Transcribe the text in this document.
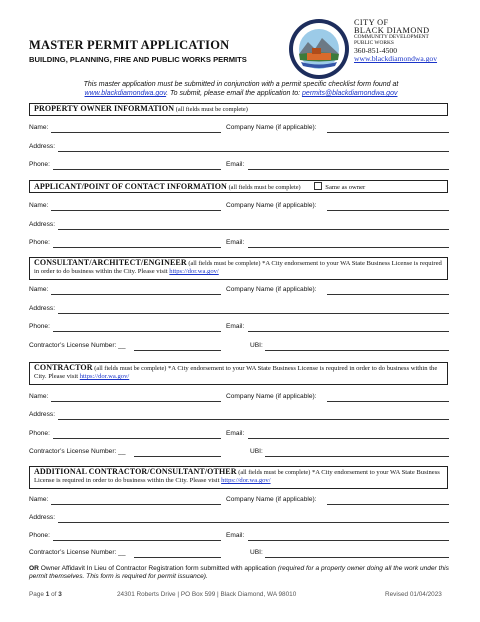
MASTER PERMIT APPLICATION
BUILDING, PLANNING, FIRE AND PUBLIC WORKS PERMITS
CITY OF
BLACK DIAMOND
COMMUNITY DEVELOPMENT
PUBLIC WORKS
360-851-4500
www.blackdiamondwa.gov
This master application must be submitted in conjunction with a permit specific checklist form found at
www.blackdiamondwa.gov. To submit, please email the application to: permits@blackdiamondwa.gov
PROPERTY OWNER INFORMATION (all fields must be complete)
Name:	Company Name (if applicable):
Address:
Phone:	Email:
APPLICANT/POINT OF CONTACT INFORMATION (all fields must be complete)	Same as owner
Name:	Company Name (if applicable):
Address:
Phone:	Email:
CONSULTANT/ARCHITECT/ENGINEER (all fields must be complete) *A City endorsement to your WA State Business License is required in order to do business within the City. Please visit https://dor.wa.gov/
Name:	Company Name (if applicable):
Address:
Phone:	Email:
Contractor’s License Number: __	UBI:
CONTRACTOR (all fields must be complete) *A City endorsement to your WA State Business License is required in order to do business within the City. Please visit https://dor.wa.gov/
Name:	Company Name (if applicable):
Address:
Phone:	Email:
Contractor’s License Number: __	UBI:
ADDITIONAL CONTRACTOR/CONSULTANT/OTHER (all fields must be complete) *A City endorsement to your WA State Business License is required in order to do business within the City. Please visit https://dor.wa.gov/
Name:	Company Name (if applicable):
Address:
Phone:	Email:
Contractor’s License Number: __	UBI:
OR Owner Affidavit In Lieu of Contractor Registration form submitted with application (required for a property owner doing all the work under this permit themselves. This form is required for permit issuance).
Page 1 of 3	24301 Roberts Drive | PO Box 599 | Black Diamond, WA 98010	Revised 01/04/2023
